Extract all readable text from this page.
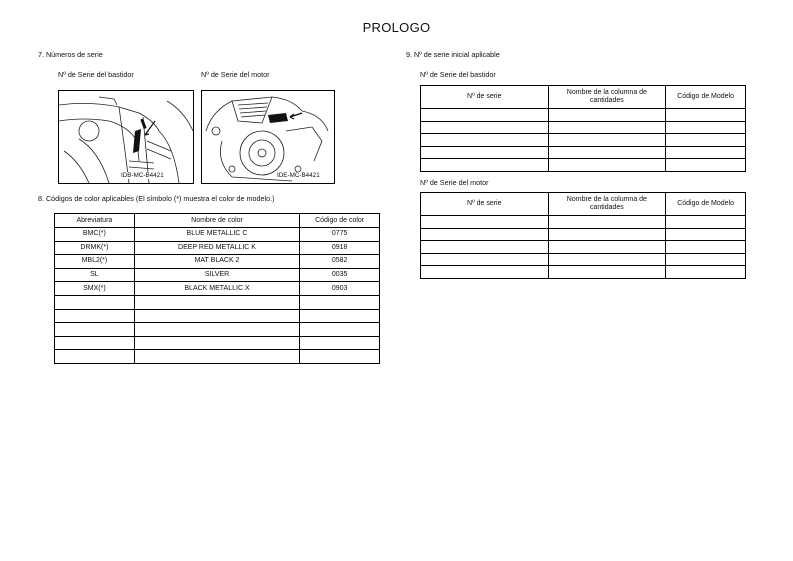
PROLOGO
7. Números de serie
Nº de Serie del bastidor	Nº de Serie del motor
IDB-MC-B4421	IDE-MC-B4421
8. Códigos de color aplicables (El símbolo (*) muestra el color de modelo.)
Abreviatura	Nombre de color	Código de color
BMC(*)	BLUE METALLIC C	0775
DRMK(*)	DEEP RED METALLIC K	0918
MBL2(*)	MAT BLACK 2	0582
SL	SILVER	0035
SMX(*)	BLACK METALLIC X	0903

9. Nº de serie inicial aplicable
Nº de Serie del bastidor
Nº de serie	Nombre de la columna de cantidades	Código de Modelo

Nº de Serie del motor
Nº de serie	Nombre de la columna de cantidades	Código de Modelo
